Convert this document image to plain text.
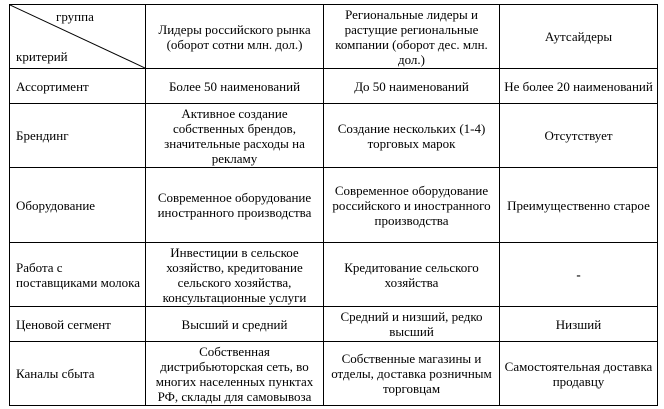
группа
критерий	Лидеры российского рынка (оборот сотни млн. дол.)	Региональные лидеры и растущие региональные компании (оборот дес. млн. дол.)	Аутсайдеры
Ассортимент	Более 50 наименований	До 50 наименований	Не более 20 наименований
Брендинг	Активное создание собственных брендов, значительные расходы на рекламу	Создание нескольких (1-4) торговых марок	Отсутствует
Оборудование	Современное оборудование иностранного производства	Современное оборудование российского и иностранного производства	Преимущественно старое
Работа с поставщиками молока	Инвестиции в сельское хозяйство, кредитование сельского хозяйства, консультационные услуги	Кредитование сельского хозяйства	-
Ценовой сегмент	Высший и средний	Средний и низший, редко высший	Низший
Каналы сбыта	Собственная дистрибьюторская сеть, во многих населенных пунктах РФ, склады для самовывоза	Собственные магазины и отделы, доставка розничным торговцам	Самостоятельная доставка продавцу
